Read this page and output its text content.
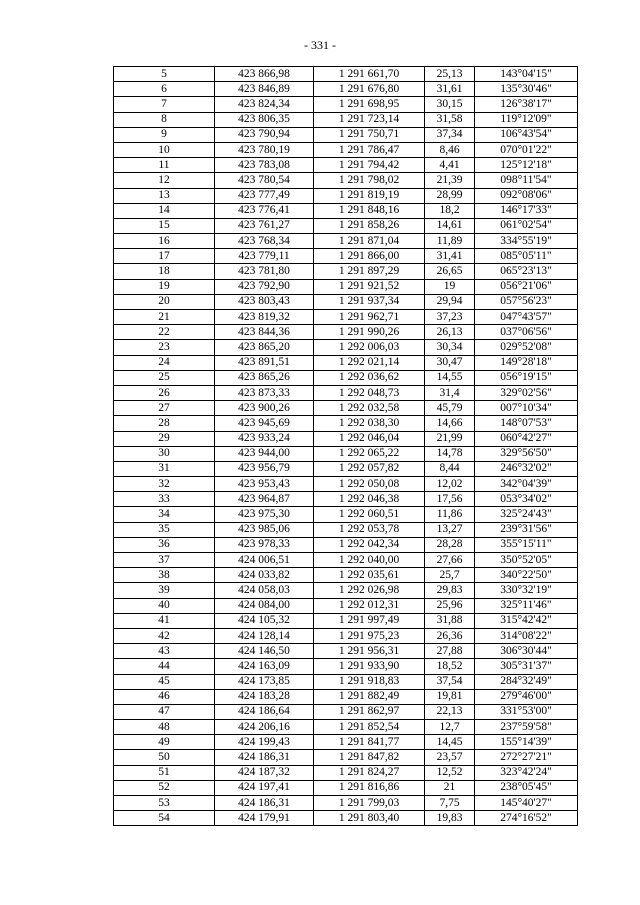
- 331 -
5	423 866,98	1 291 661,70	25,13	143°04'15"
6	423 846,89	1 291 676,80	31,61	135°30'46"
7	423 824,34	1 291 698,95	30,15	126°38'17"
8	423 806,35	1 291 723,14	31,58	119°12'09"
9	423 790,94	1 291 750,71	37,34	106°43'54"
10	423 780,19	1 291 786,47	8,46	070°01'22"
11	423 783,08	1 291 794,42	4,41	125°12'18"
12	423 780,54	1 291 798,02	21,39	098°11'54"
13	423 777,49	1 291 819,19	28,99	092°08'06"
14	423 776,41	1 291 848,16	18,2	146°17'33"
15	423 761,27	1 291 858,26	14,61	061°02'54"
16	423 768,34	1 291 871,04	11,89	334°55'19"
17	423 779,11	1 291 866,00	31,41	085°05'11"
18	423 781,80	1 291 897,29	26,65	065°23'13"
19	423 792,90	1 291 921,52	19	056°21'06"
20	423 803,43	1 291 937,34	29,94	057°56'23"
21	423 819,32	1 291 962,71	37,23	047°43'57"
22	423 844,36	1 291 990,26	26,13	037°06'56"
23	423 865,20	1 292 006,03	30,34	029°52'08"
24	423 891,51	1 292 021,14	30,47	149°28'18"
25	423 865,26	1 292 036,62	14,55	056°19'15"
26	423 873,33	1 292 048,73	31,4	329°02'56"
27	423 900,26	1 292 032,58	45,79	007°10'34"
28	423 945,69	1 292 038,30	14,66	148°07'53"
29	423 933,24	1 292 046,04	21,99	060°42'27"
30	423 944,00	1 292 065,22	14,78	329°56'50"
31	423 956,79	1 292 057,82	8,44	246°32'02"
32	423 953,43	1 292 050,08	12,02	342°04'39"
33	423 964,87	1 292 046,38	17,56	053°34'02"
34	423 975,30	1 292 060,51	11,86	325°24'43"
35	423 985,06	1 292 053,78	13,27	239°31'56"
36	423 978,33	1 292 042,34	28,28	355°15'11"
37	424 006,51	1 292 040,00	27,66	350°52'05"
38	424 033,82	1 292 035,61	25,7	340°22'50"
39	424 058,03	1 292 026,98	29,83	330°32'19"
40	424 084,00	1 292 012,31	25,96	325°11'46"
41	424 105,32	1 291 997,49	31,88	315°42'42"
42	424 128,14	1 291 975,23	26,36	314°08'22"
43	424 146,50	1 291 956,31	27,88	306°30'44"
44	424 163,09	1 291 933,90	18,52	305°31'37"
45	424 173,85	1 291 918,83	37,54	284°32'49"
46	424 183,28	1 291 882,49	19,81	279°46'00"
47	424 186,64	1 291 862,97	22,13	331°53'00"
48	424 206,16	1 291 852,54	12,7	237°59'58"
49	424 199,43	1 291 841,77	14,45	155°14'39"
50	424 186,31	1 291 847,82	23,57	272°27'21"
51	424 187,32	1 291 824,27	12,52	323°42'24"
52	424 197,41	1 291 816,86	21	238°05'45"
53	424 186,31	1 291 799,03	7,75	145°40'27"
54	424 179,91	1 291 803,40	19,83	274°16'52"
